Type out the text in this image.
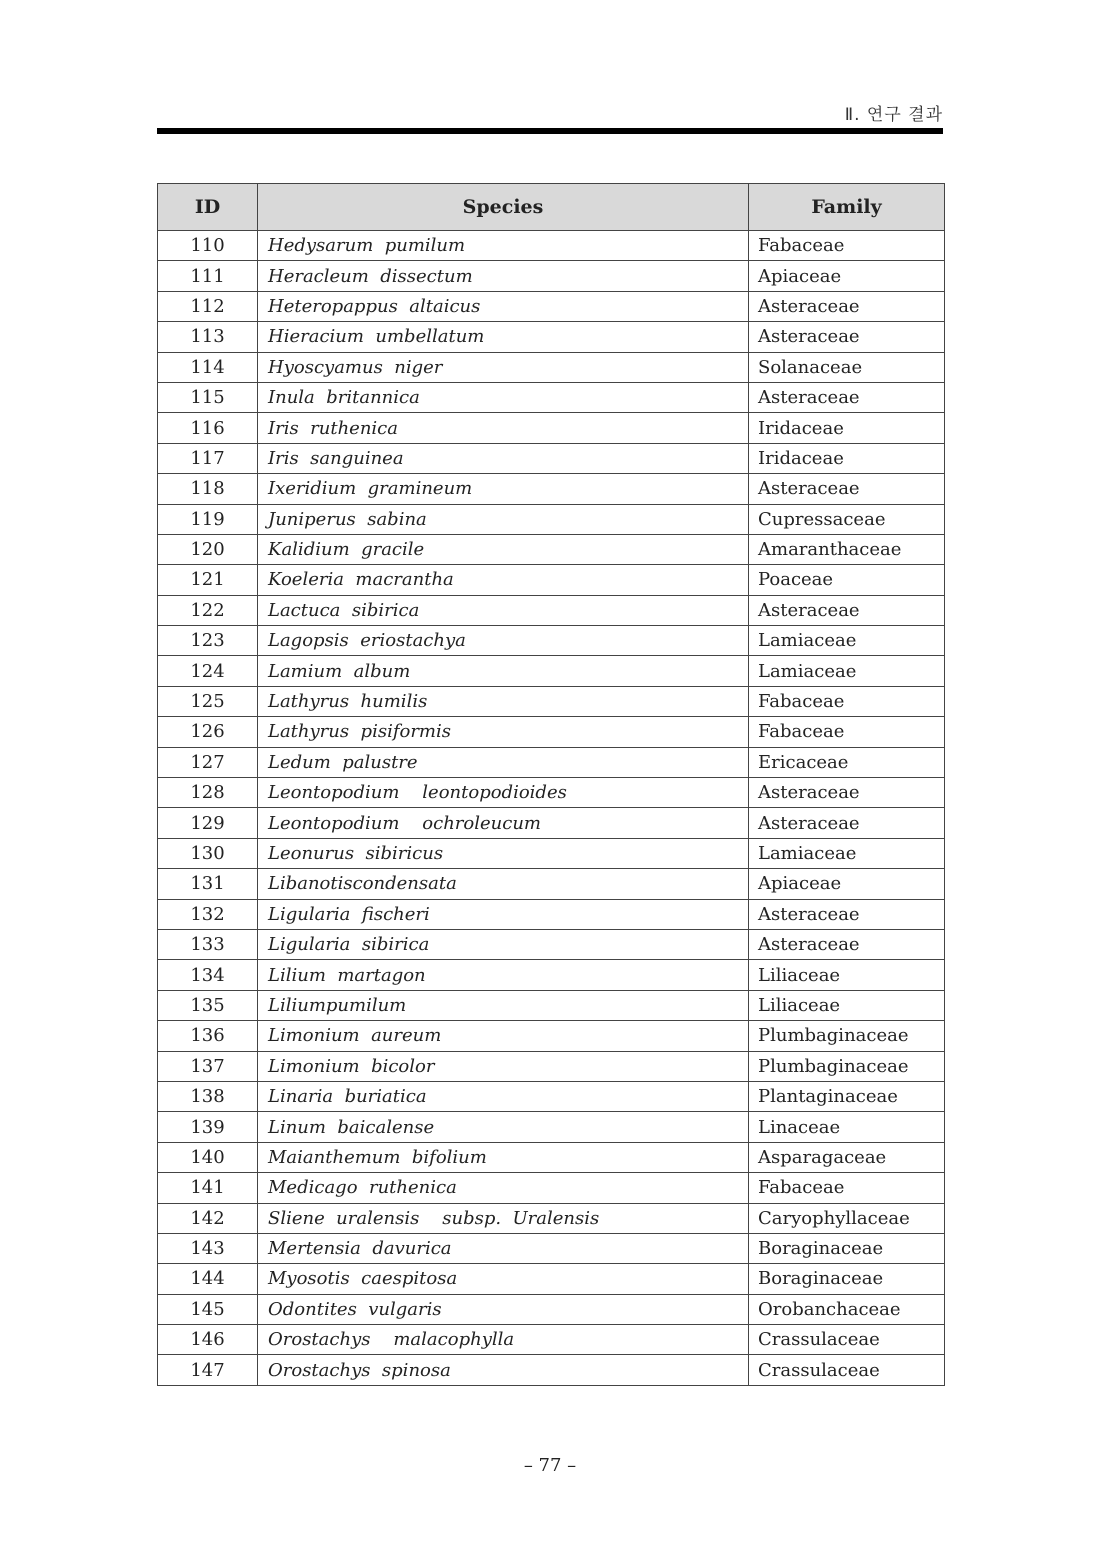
Ⅱ. 연구 결과
ID	Species	Family
110	Hedysarum  pumilum	Fabaceae
111	Heracleum  dissectum	Apiaceae
112	Heteropappus  altaicus	Asteraceae
113	Hieracium  umbellatum	Asteraceae
114	Hyoscyamus  niger	Solanaceae
115	Inula  britannica	Asteraceae
116	Iris  ruthenica	Iridaceae
117	Iris  sanguinea	Iridaceae
118	Ixeridium  gramineum	Asteraceae
119	Juniperus  sabina	Cupressaceae
120	Kalidium  gracile	Amaranthaceae
121	Koeleria  macrantha	Poaceae
122	Lactuca  sibirica	Asteraceae
123	Lagopsis  eriostachya	Lamiaceae
124	Lamium  album	Lamiaceae
125	Lathyrus  humilis	Fabaceae
126	Lathyrus  pisiformis	Fabaceae
127	Ledum  palustre	Ericaceae
128	Leontopodium    leontopodioides	Asteraceae
129	Leontopodium    ochroleucum	Asteraceae
130	Leonurus  sibiricus	Lamiaceae
131	Libanotiscondensata	Apiaceae
132	Ligularia  fischeri	Asteraceae
133	Ligularia  sibirica	Asteraceae
134	Lilium  martagon	Liliaceae
135	Liliumpumilum	Liliaceae
136	Limonium  aureum	Plumbaginaceae
137	Limonium  bicolor	Plumbaginaceae
138	Linaria  buriatica	Plantaginaceae
139	Linum  baicalense	Linaceae
140	Maianthemum  bifolium	Asparagaceae
141	Medicago  ruthenica	Fabaceae
142	Sliene  uralensis    subsp.  Uralensis	Caryophyllaceae
143	Mertensia  davurica	Boraginaceae
144	Myosotis  caespitosa	Boraginaceae
145	Odontites  vulgaris	Orobanchaceae
146	Orostachys    malacophylla	Crassulaceae
147	Orostachys  spinosa	Crassulaceae
– 77 –
